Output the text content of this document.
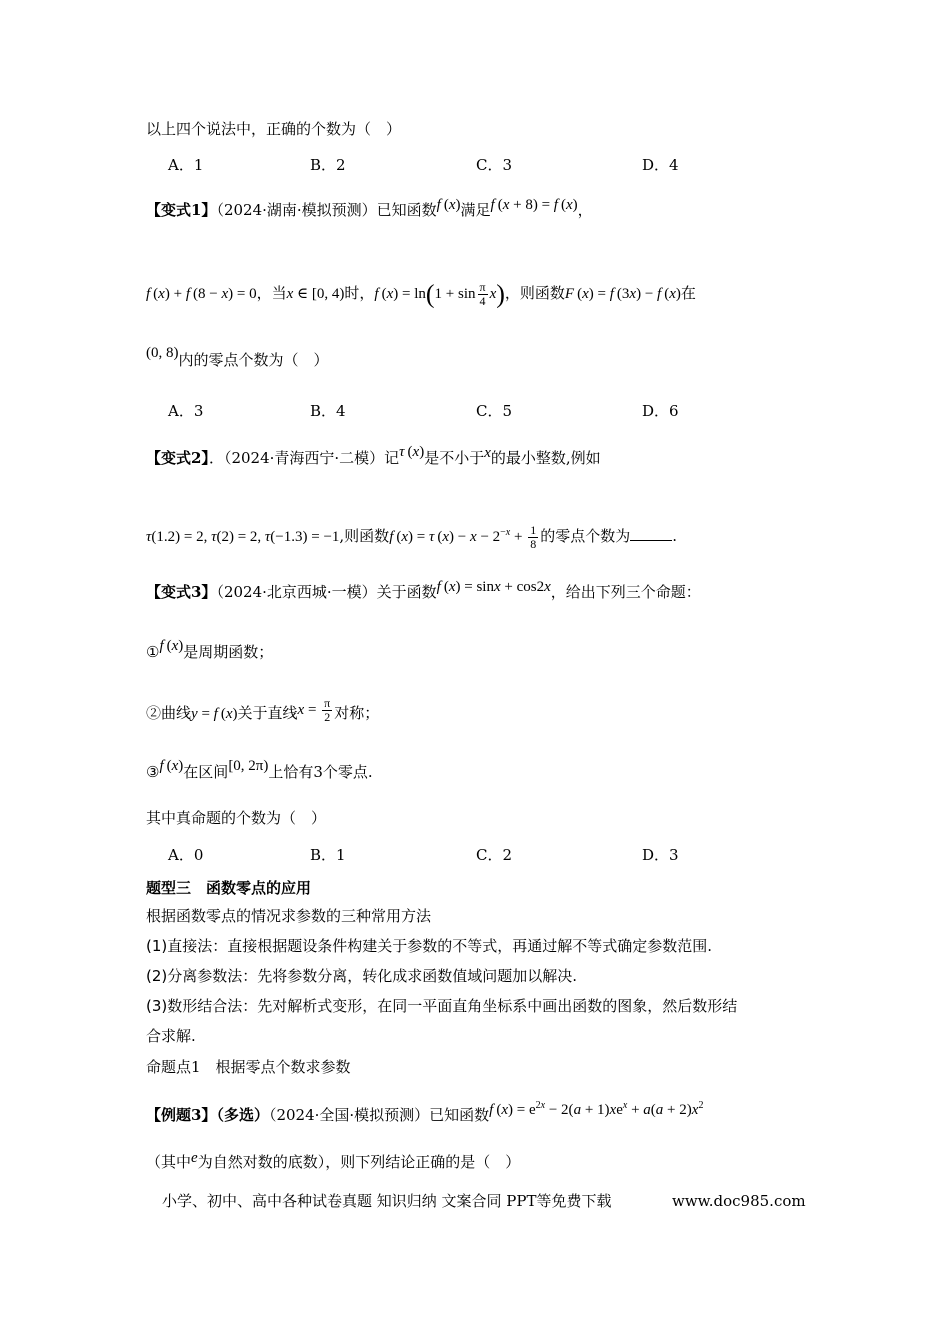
以上四个说法中，正确的个数为（　）
A．1	B．2	C．3	D．4
【变式1】（2024·湖南·模拟预测）已知函数f (x)满足f (x + 8) = f (x)，
f (x) + f (8 − x) = 0，当x ∈ [0, 4)时，f $(x) = \ln(1 + \sin \frac{\pi}{4} x)$，则函数F (x) = f (3x) − f (x)在
(0, 8)内的零点个数为（　）
A．3	B．4	C．5	D．6
【变式2】．（2024·青海西宁·二模）记τ (x)是不小于x的最小整数,例如
τ(1.2) = 2, τ(2) = 2, τ(−1.3) = −1,则函数f (x) = τ $(x) - x - 2^{-x} + \frac{1}{8}$ 的零点个数为	.
【变式3】（2024·北京西城·一模）关于函数f (x) = sinx + cos2x，给出下列三个命题：
①f (x)是周期函数；
②曲线y = f (x)关于直线$x = \frac{\pi}{2}$ 对称；
③f (x)在区间[0, 2π)上恰有3个零点.
其中真命题的个数为（　）
A．0	B．1	C．2	D．3
题型三　函数零点的应用
根据函数零点的情况求参数的三种常用方法
(1)直接法：直接根据题设条件构建关于参数的不等式，再通过解不等式确定参数范围.
(2)分离参数法：先将参数分离，转化成求函数值域问题加以解决.
(3)数形结合法：先对解析式变形，在同一平面直角坐标系中画出函数的图象，然后数形结
合求解.
命题点1　根据零点个数求参数
【例题3】（多选）（2024·全国·模拟预测）已知函数f $(x) = e^{2x} - 2(a + 1)xe^x + a(a + 2)x^2$
（其中e为自然对数的底数），则下列结论正确的是（　）
小学、初中、高中各种试卷真题 知识归纳 文案合同 PPT等免费下载	www.doc985.com
